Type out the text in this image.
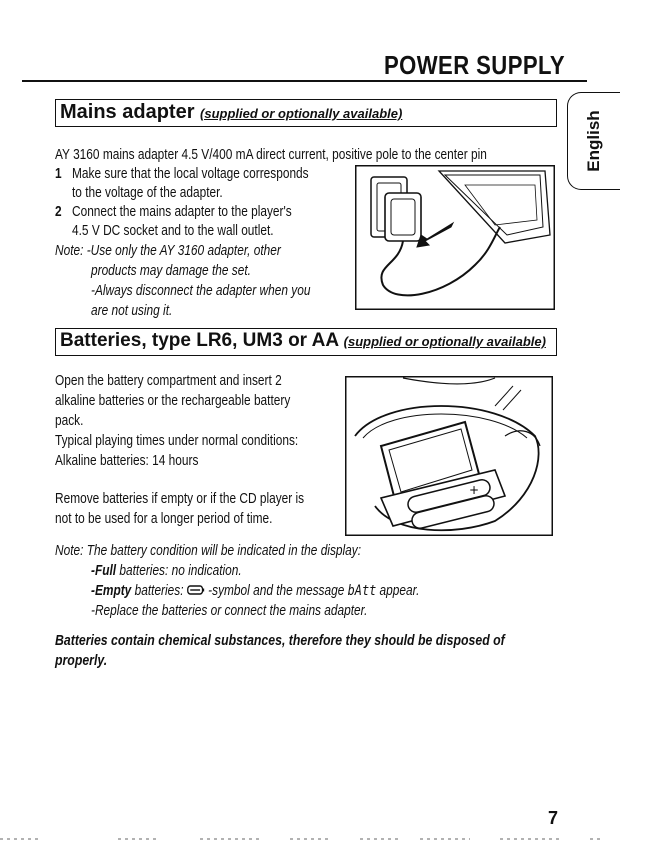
POWER SUPPLY
English
Mains adapter (supplied or optionally available)
AY 3160 mains adapter 4.5 V/400 mA direct current, positive pole to the center pin
1 Make sure that the local voltage corresponds
to the voltage of the adapter.
2 Connect the mains adapter to the player's
4.5 V DC socket and to the wall outlet.
Note: -Use only the AY 3160 adapter, other
products may damage the set.
-Always disconnect the adapter when you
are not using it.
Batteries, type LR6, UM3 or AA (supplied or optionally available)
Open the battery compartment and insert 2
alkaline batteries or the rechargeable battery
pack.
Typical playing times under normal conditions:
Alkaline batteries: 14 hours
Remove batteries if empty or if the CD player is
not to be used for a longer period of time.
+
Note: The battery condition will be indicated in the display:
-Full batteries: no indication.
-Empty batteries:  -symbol and the message bAtt appear.
-Replace the batteries or connect the mains adapter.
Batteries contain chemical substances, therefore they should be disposed of
properly.
7
